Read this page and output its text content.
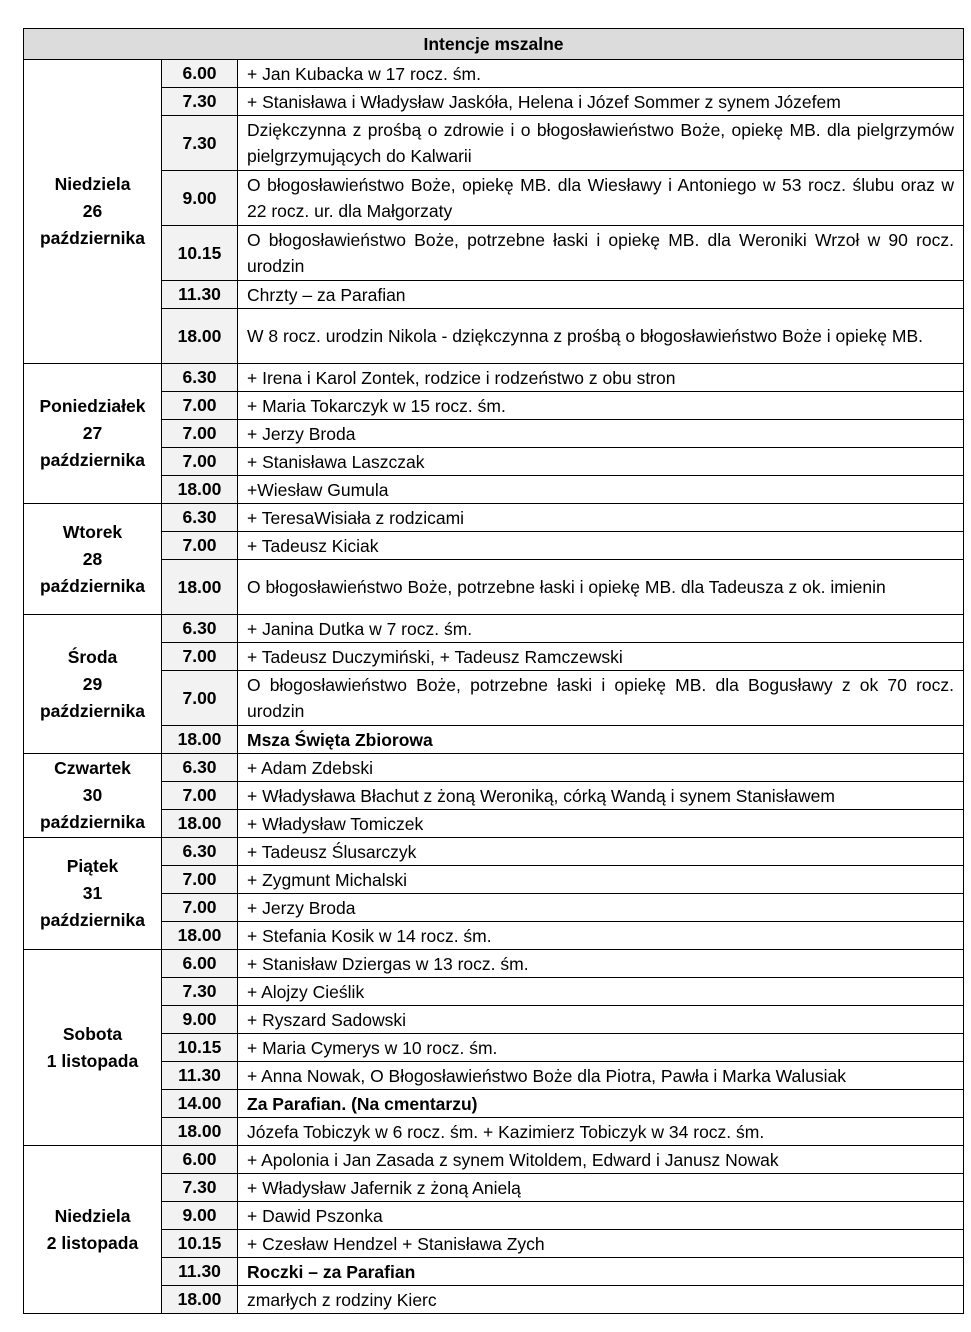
Intencje mszalne		

Niedziela
26
października	6.00	+ Jan Kubacka w 17 rocz. śm.
	7.30	+ Stanisława i Władysław Jaskóła, Helena i Józef Sommer z synem Józefem
	7.30	Dziękczynna z prośbą o zdrowie i o błogosławieństwo Boże, opiekę MB. dla pielgrzymów pielgrzymujących do Kalwarii
	9.00	O błogosławieństwo Boże, opiekę MB. dla Wiesławy i Antoniego w 53 rocz. ślubu oraz w 22 rocz. ur. dla Małgorzaty
	10.15	O błogosławieństwo Boże, potrzebne łaski i opiekę MB. dla Weroniki Wrzoł w 90 rocz. urodzin
	11.30	Chrzty – za Parafian
	18.00	W 8 rocz. urodzin Nikola - dziękczynna z prośbą o błogosławieństwo Boże i opiekę MB.

Poniedziałek
27
października	6.30	+ Irena i Karol Zontek, rodzice i rodzeństwo z obu stron
	7.00	+ Maria Tokarczyk w 15 rocz. śm.
	7.00	+ Jerzy Broda
	7.00	+ Stanisława Laszczak
	18.00	+Wiesław Gumula

Wtorek
28
października	6.30	+ TeresaWisiała z rodzicami
	7.00	+ Tadeusz Kiciak
	18.00	O błogosławieństwo Boże, potrzebne łaski i opiekę MB. dla Tadeusza z ok. imienin

Środa
29
października	6.30	+ Janina Dutka w 7 rocz. śm.
	7.00	+ Tadeusz Duczymiński, + Tadeusz Ramczewski
	7.00	O błogosławieństwo Boże, potrzebne łaski i opiekę MB. dla Bogusławy z ok 70 rocz. urodzin
	18.00	Msza Święta Zbiorowa

Czwartek
30
października	6.30	+ Adam Zdebski
	7.00	+ Władysława Błachut z żoną Weroniką, córką Wandą i synem Stanisławem
	18.00	+ Władysław Tomiczek

Piątek
31
października	6.30	+ Tadeusz Ślusarczyk
	7.00	+ Zygmunt Michalski
	7.00	+ Jerzy Broda
	18.00	+ Stefania Kosik w 14 rocz. śm.

Sobota
1 listopada	6.00	+ Stanisław Dziergas w 13 rocz. śm.
	7.30	+ Alojzy Cieślik
	9.00	+ Ryszard Sadowski
	10.15	+ Maria Cymerys w 10 rocz. śm.
	11.30	+ Anna Nowak, O Błogosławieństwo Boże dla Piotra, Pawła i Marka Walusiak
	14.00	Za Parafian. (Na cmentarzu)
	18.00	Józefa Tobiczyk w 6 rocz. śm. + Kazimierz Tobiczyk w 34 rocz. śm.

Niedziela
2 listopada	6.00	+ Apolonia i Jan Zasada z synem Witoldem, Edward i Janusz Nowak
	7.30	+ Władysław Jafernik z żoną Anielą
	9.00	+ Dawid Pszonka
	10.15	+ Czesław Hendzel + Stanisława Zych
	11.30	Roczki – za Parafian
	18.00	zmarłych z rodziny Kierc
